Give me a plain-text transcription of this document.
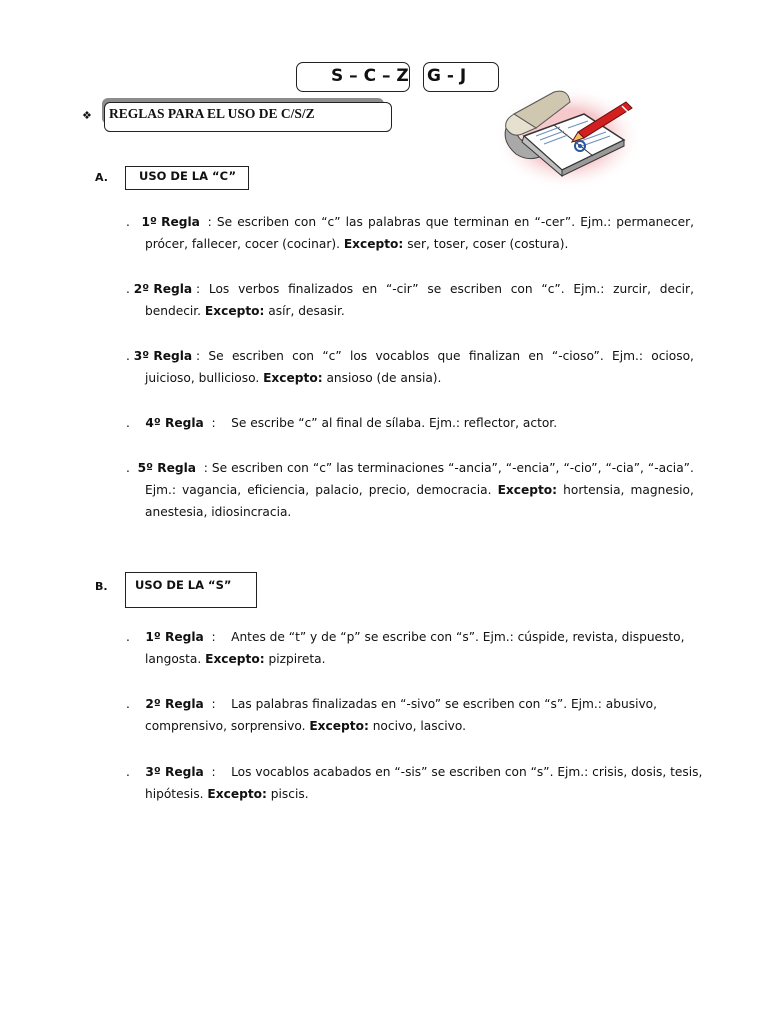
S – C – Z G - J
❖	REGLAS PARA EL USO DE C/S/Z
A.	USO DE LA “C”
. 1º Regla  : Se escriben con “c” las palabras que terminan en “-cer”. Ejm.: permanecer,
prócer, fallecer, cocer (cocinar). Excepto: ser, toser, coser (costura).
. 2º Regla : Los verbos finalizados en “-cir” se escriben con “c”. Ejm.: zurcir, decir,
bendecir. Excepto: asír, desasir.
. 3º Regla : Se escriben con “c” los vocablos que finalizan en “-cioso”. Ejm.: ocioso,
juicioso, bullicioso. Excepto: ansioso (de ansia).
. 4º Regla  :    Se escribe “c” al final de sílaba. Ejm.: reflector, actor.
. 5º Regla  : Se escriben con “c” las terminaciones “-ancia”, “-encia”, “-cio”, “-cia”, “-acia”.
Ejm.: vagancia, eficiencia, palacio, precio, democracia. Excepto: hortensia, magnesio,
anestesia, idiosincracia.
B.	USO DE LA “S”
. 1º Regla  :    Antes de “t” y de “p” se escribe con “s”. Ejm.: cúspide, revista, dispuesto,
langosta. Excepto: pizpireta.
. 2º Regla  :    Las palabras finalizadas en “-sivo” se escriben con “s”. Ejm.: abusivo,
comprensivo, sorprensivo. Excepto: nocivo, lascivo.
. 3º Regla  :    Los vocablos acabados en “-sis” se escriben con “s”. Ejm.: crisis, dosis, tesis,
hipótesis. Excepto: piscis.
